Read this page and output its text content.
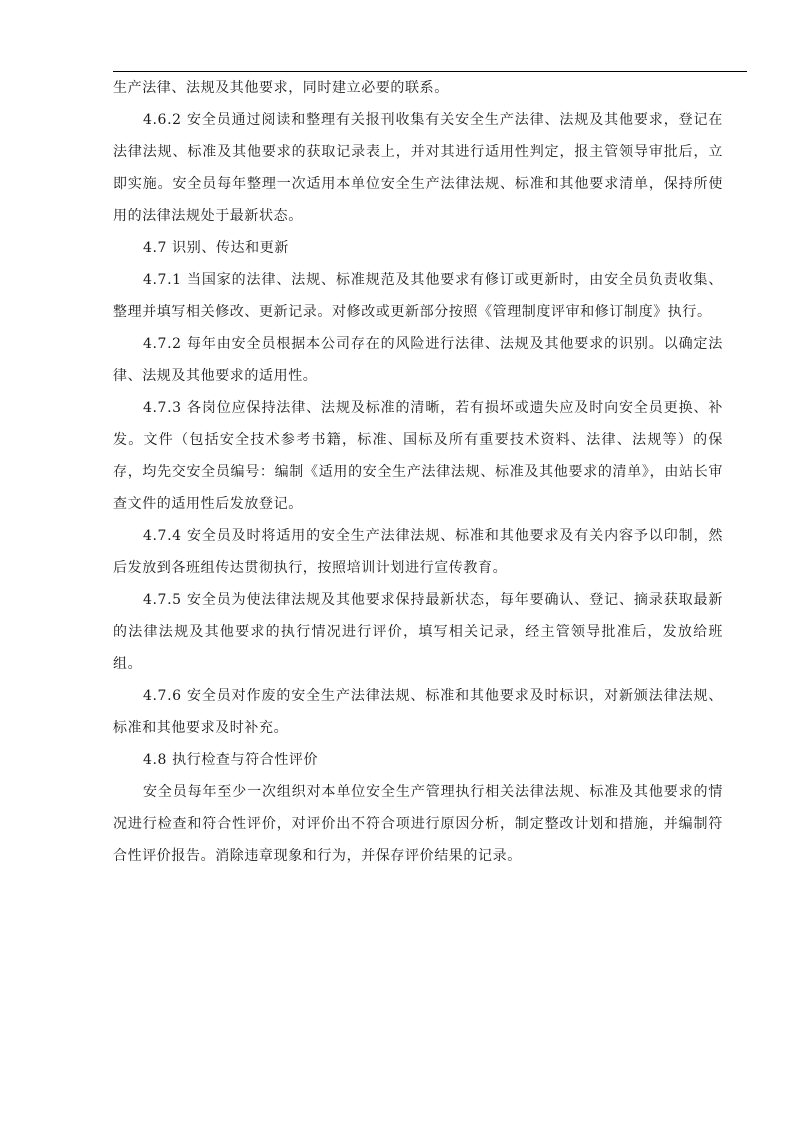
生产法律、法规及其他要求，同时建立必要的联系。

4.6.2 安全员通过阅读和整理有关报刊收集有关安全生产法律、法规及其他要求，登记在法律法规、标准及其他要求的获取记录表上，并对其进行适用性判定，报主管领导审批后，立即实施。安全员每年整理一次适用本单位安全生产法律法规、标准和其他要求清单，保持所使用的法律法规处于最新状态。

4.7 识别、传达和更新

4.7.1 当国家的法律、法规、标准规范及其他要求有修订或更新时，由安全员负责收集、整理并填写相关修改、更新记录。对修改或更新部分按照《管理制度评审和修订制度》执行。

4.7.2 每年由安全员根据本公司存在的风险进行法律、法规及其他要求的识别。以确定法律、法规及其他要求的适用性。

4.7.3 各岗位应保持法律、法规及标准的清晰，若有损坏或遗失应及时向安全员更换、补发。文件（包括安全技术参考书籍，标准、国标及所有重要技术资料、法律、法规等）的保存，均先交安全员编号：编制《适用的安全生产法律法规、标准及其他要求的清单》，由站长审查文件的适用性后发放登记。

4.7.4 安全员及时将适用的安全生产法律法规、标准和其他要求及有关内容予以印制，然后发放到各班组传达贯彻执行，按照培训计划进行宣传教育。

4.7.5 安全员为使法律法规及其他要求保持最新状态，每年要确认、登记、摘录获取最新的法律法规及其他要求的执行情况进行评价，填写相关记录，经主管领导批准后，发放给班组。

4.7.6 安全员对作废的安全生产法律法规、标准和其他要求及时标识，对新颁法律法规、标准和其他要求及时补充。

4.8 执行检查与符合性评价

安全员每年至少一次组织对本单位安全生产管理执行相关法律法规、标准及其他要求的情况进行检查和符合性评价，对评价出不符合项进行原因分析，制定整改计划和措施，并编制符合性评价报告。消除违章现象和行为，并保存评价结果的记录。
